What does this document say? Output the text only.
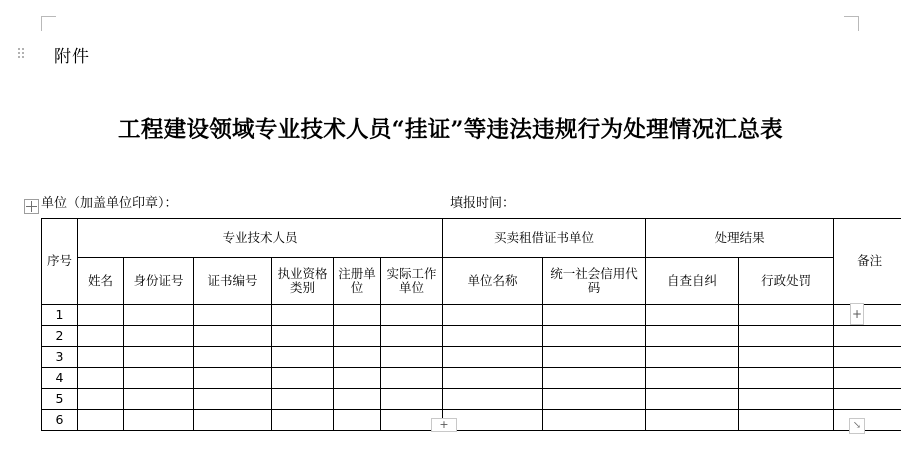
附件
工程建设领域专业技术人员“挂证”等违法违规行为处理情况汇总表
单位（加盖单位印章）：	填报时间：
序号	专业技术人员						买卖租借证书单位		处理结果		备注
	姓名	身份证号	证书编号	执业资格类别	注册单位	实际工作单位	单位名称	统一社会信用代码	自查自纠	行政处罚	
1											
2											
3											
4											
5											
6											
+
+	↘
